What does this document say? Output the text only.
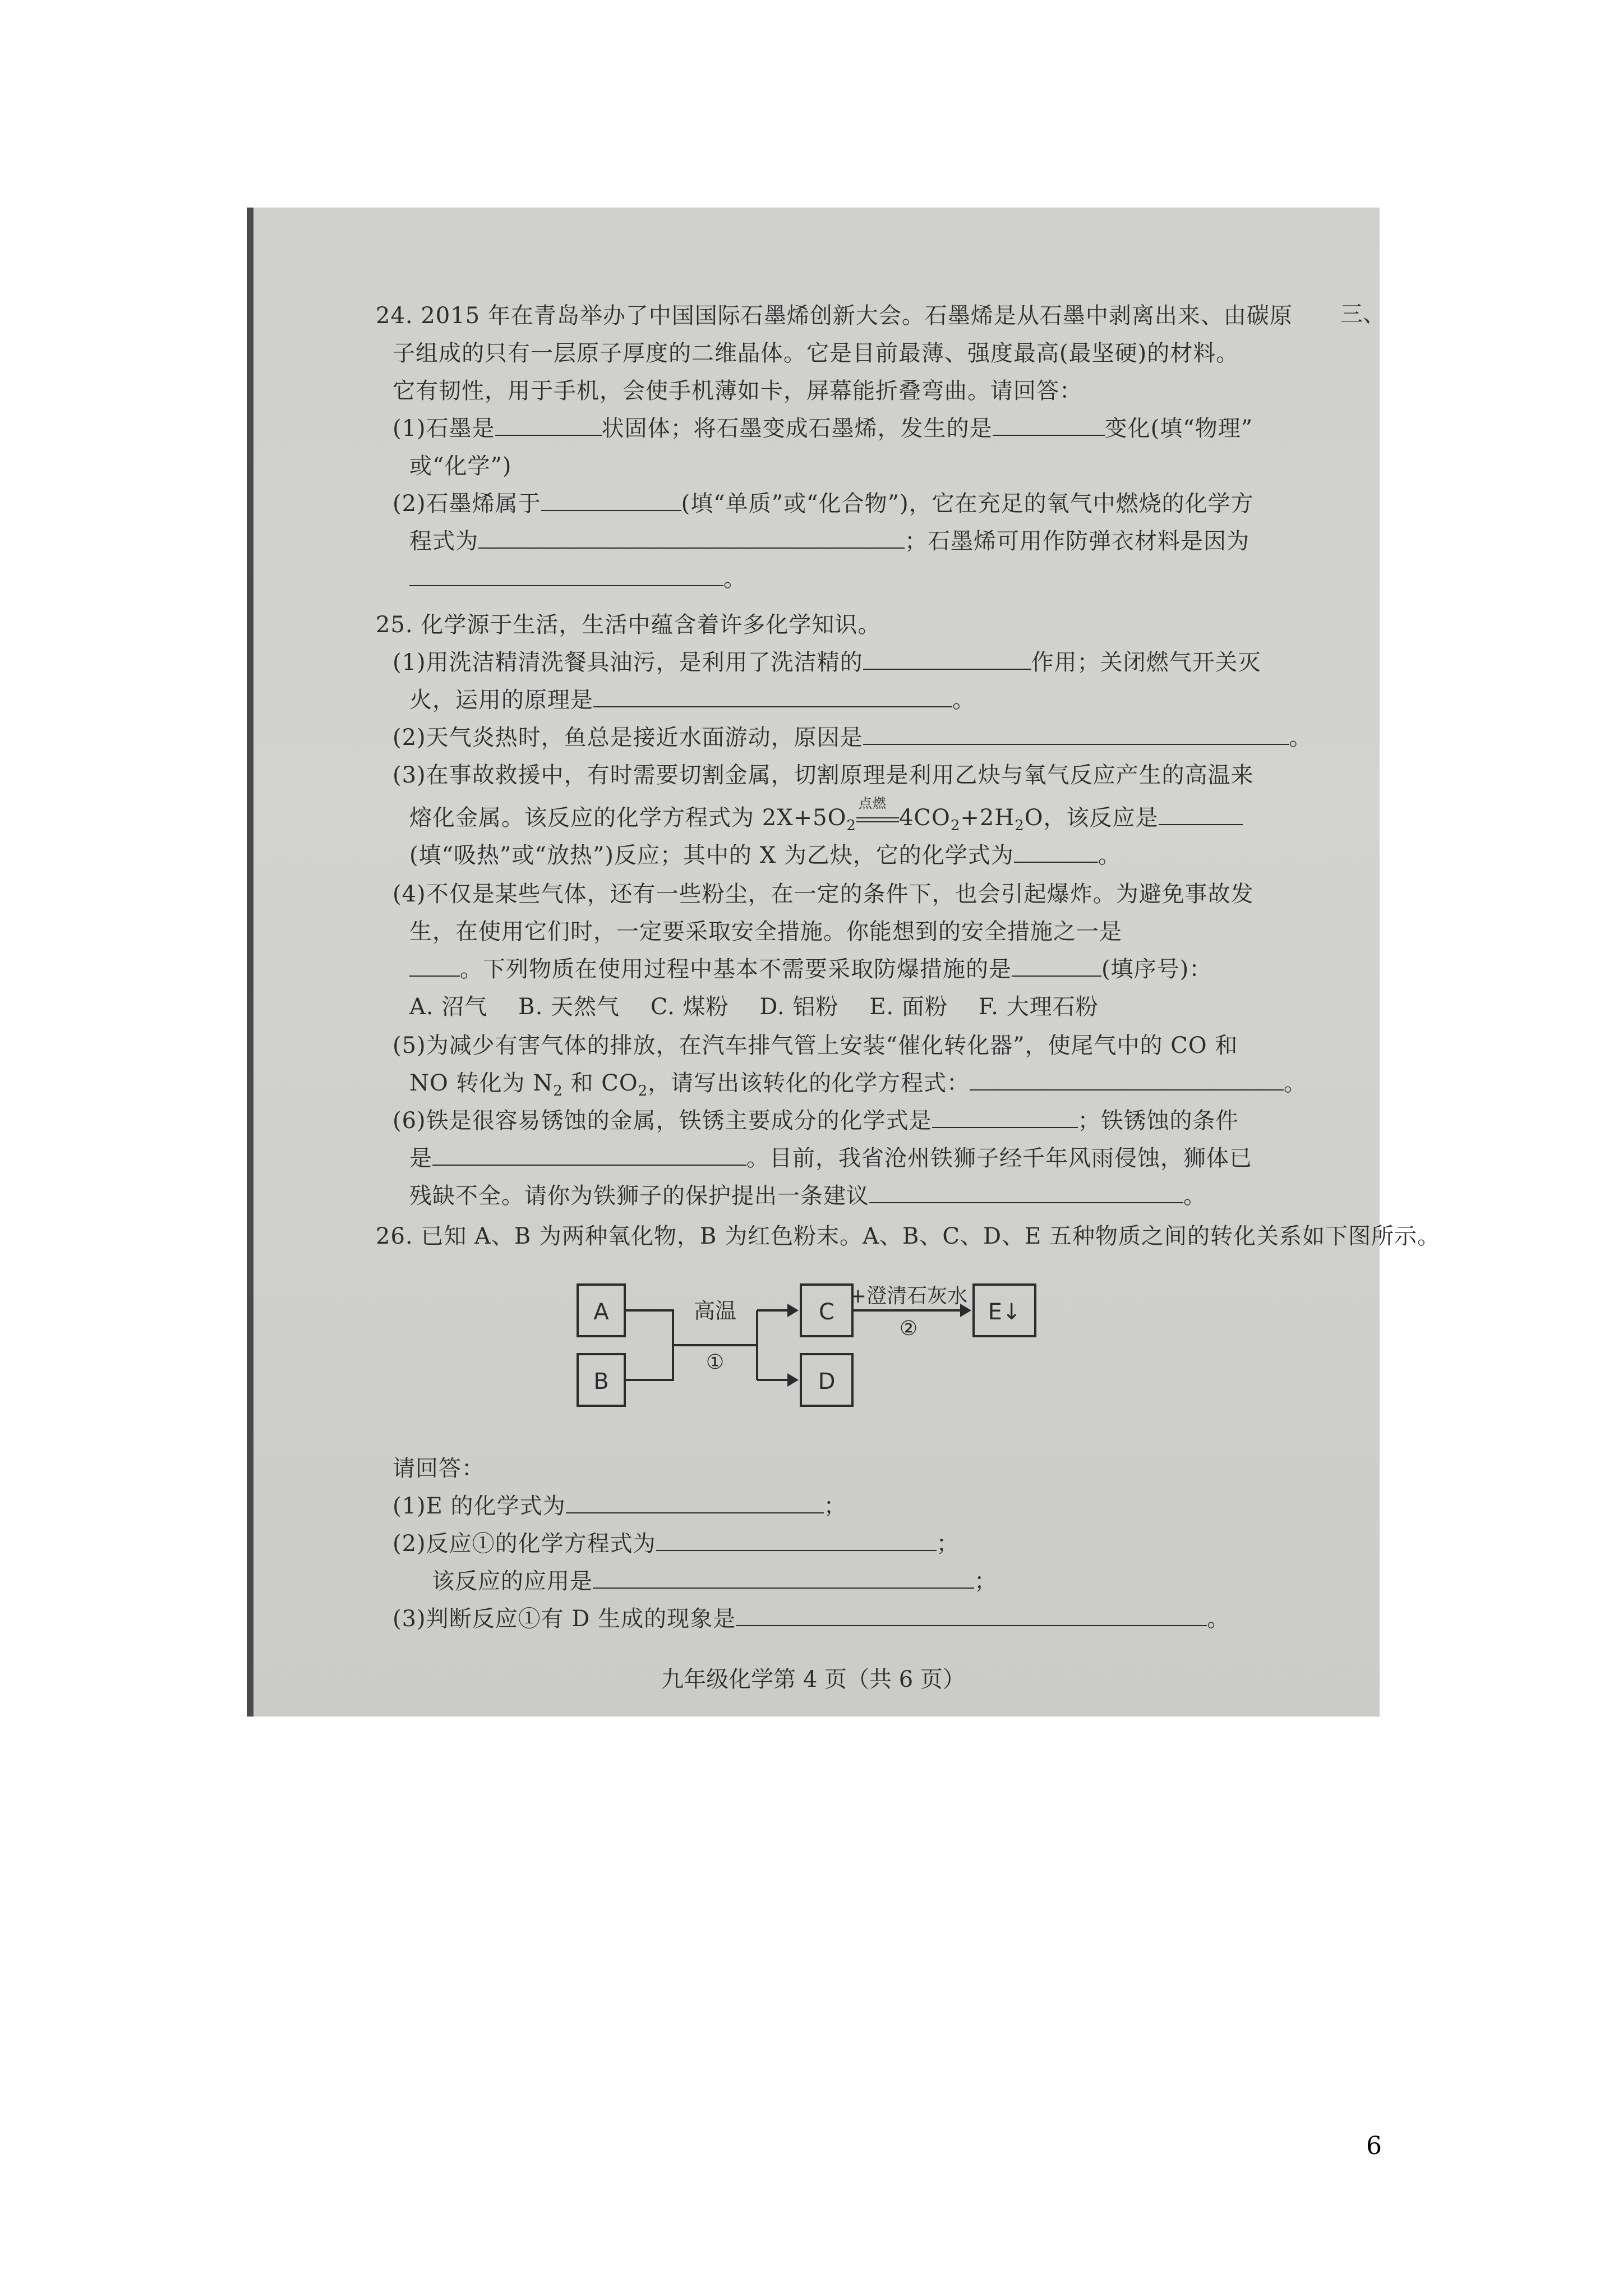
三、
24. 2015 年在青岛举办了中国国际石墨烯创新大会。石墨烯是从石墨中剥离出来、由碳原
子组成的只有一层原子厚度的二维晶体。它是目前最薄、强度最高(最坚硬)的材料。
它有韧性，用于手机，会使手机薄如卡，屏幕能折叠弯曲。请回答：
(1)石墨是	状固体；将石墨变成石墨烯，发生的是	变化(填“物理”
或“化学”)
(2)石墨烯属于	(填“单质”或“化合物”)，它在充足的氧气中燃烧的化学方
程式为	；石墨烯可用作防弹衣材料是因为
。
25. 化学源于生活，生活中蕴含着许多化学知识。
(1)用洗洁精清洗餐具油污，是利用了洗洁精的	作用；关闭燃气开关灭
火，运用的原理是	。
(2)天气炎热时，鱼总是接近水面游动，原因是	。
(3)在事故救援中，有时需要切割金属，切割原理是利用乙炔与氧气反应产生的高温来
熔化金属。该反应的化学方程式为 $2X+5O_2$
点燃
$4CO_2+2H_2O$，该反应是
(填“吸热”或“放热”)反应；其中的 X 为乙炔，它的化学式为	。
(4)不仅是某些气体，还有一些粉尘，在一定的条件下，也会引起爆炸。为避免事故发
生，在使用它们时，一定要采取安全措施。你能想到的安全措施之一是
。下列物质在使用过程中基本不需要采取防爆措施的是	(填序号)：
A. 沼气    B. 天然气    C. 煤粉    D. 铝粉    E. 面粉    F. 大理石粉
(5)为减少有害气体的排放，在汽车排气管上安装“催化转化器”，使尾气中的 CO 和
NO 转化为 $N_2$ 和 $CO_2$，请写出该转化的化学方程式：	。
(6)铁是很容易锈蚀的金属，铁锈主要成分的化学式是	；铁锈蚀的条件
是	。目前，我省沧州铁狮子经千年风雨侵蚀，狮体已
残缺不全。请你为铁狮子的保护提出一条建议	。
26. 已知 A、B 为两种氧化物，B 为红色粉末。A、B、C、D、E 五种物质之间的转化关系如下图所示。
A
B
高温
①
C
D
+澄清石灰水
②
E↓
请回答：
(1)E 的化学式为	；
(2)反应①的化学方程式为	；
该反应的应用是	；
(3)判断反应①有 D 生成的现象是	。
九年级化学第 4 页（共 6 页）
6
